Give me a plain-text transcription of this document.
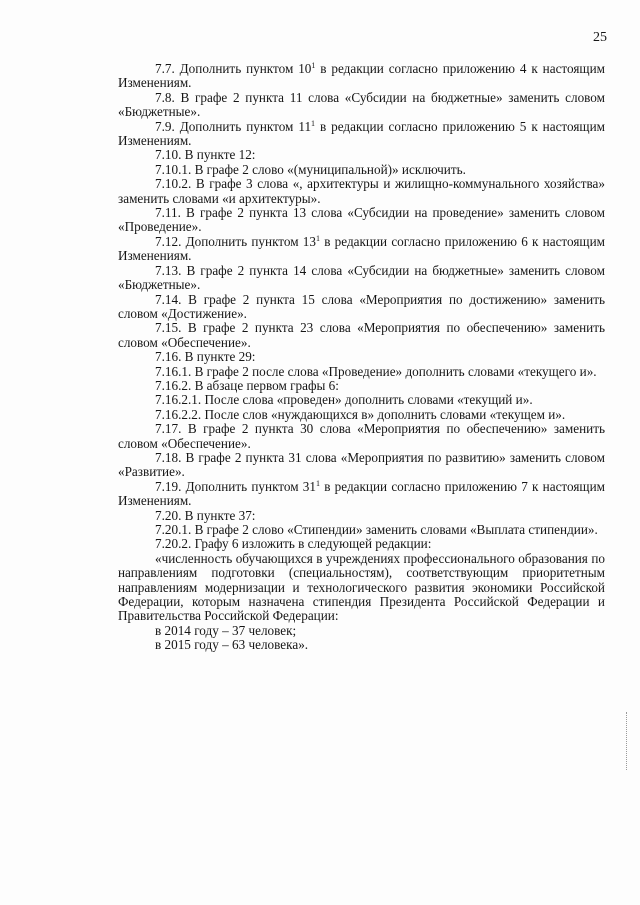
25

7.7. Дополнить пунктом $10^1$ в редакции согласно приложению 4 к настоящим Изменениям.

7.8. В графе 2 пункта 11 слова «Субсидии на бюджетные» заменить словом «Бюджетные».

7.9. Дополнить пунктом $11^1$ в редакции согласно приложению 5 к настоящим Изменениям.

7.10. В пункте 12:

7.10.1. В графе 2 слово «(муниципальной)» исключить.

7.10.2. В графе 3 слова «, архитектуры и жилищно-коммунального хозяйства» заменить словами «и архитектуры».

7.11. В графе 2 пункта 13 слова «Субсидии на проведение» заменить словом «Проведение».

7.12. Дополнить пунктом $13^1$ в редакции согласно приложению 6 к настоящим Изменениям.

7.13. В графе 2 пункта 14 слова «Субсидии на бюджетные» заменить словом «Бюджетные».

7.14. В графе 2 пункта 15 слова «Мероприятия по достижению» заменить словом «Достижение».

7.15. В графе 2 пункта 23 слова «Мероприятия по обеспечению» заменить словом «Обеспечение».

7.16. В пункте 29:

7.16.1. В графе 2 после слова «Проведение» дополнить словами «текущего и».

7.16.2. В абзаце первом графы 6:

7.16.2.1. После слова «проведен» дополнить словами «текущий и».

7.16.2.2. После слов «нуждающихся в» дополнить словами «текущем и».

7.17. В графе 2 пункта 30 слова «Мероприятия по обеспечению» заменить словом «Обеспечение».

7.18. В графе 2 пункта 31 слова «Мероприятия по развитию» заменить словом «Развитие».

7.19. Дополнить пунктом $31^1$ в редакции согласно приложению 7 к настоящим Изменениям.

7.20. В пункте 37:

7.20.1. В графе 2 слово «Стипендии» заменить словами «Выплата стипендии».

7.20.2. Графу 6 изложить в следующей редакции:

«численность обучающихся в учреждениях профессионального образования по направлениям подготовки (специальностям), соответствующим приоритетным направлениям модернизации и технологического развития экономики Российской Федерации, которым назначена стипендия Президента Российской Федерации и Правительства Российской Федерации:

в 2014 году – 37 человек;

в 2015 году – 63 человека».
